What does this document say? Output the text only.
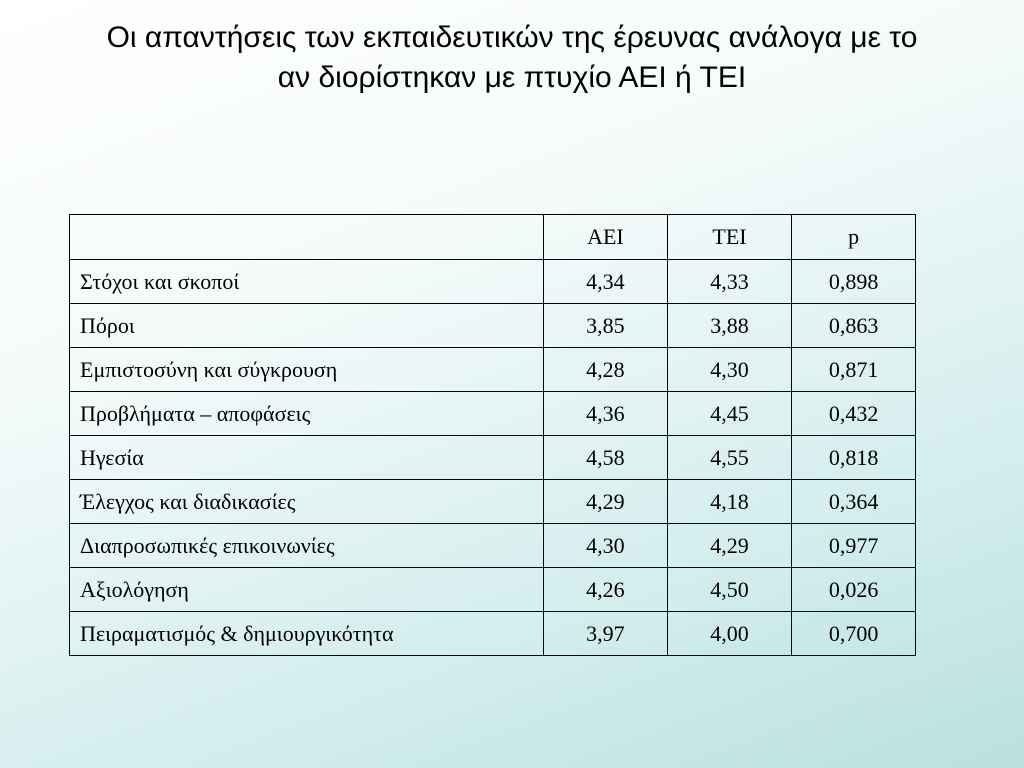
Οι απαντήσεις των εκπαιδευτικών της έρευνας ανάλογα με το
αν διορίστηκαν με πτυχίο ΑΕΙ ή ΤΕΙ
	ΑΕΙ	ΤΕΙ	p
Στόχοι και σκοποί	4,34	4,33	0,898
Πόροι	3,85	3,88	0,863
Εμπιστοσύνη και σύγκρουση	4,28	4,30	0,871
Προβλήματα – αποφάσεις	4,36	4,45	0,432
Ηγεσία	4,58	4,55	0,818
Έλεγχος και διαδικασίες	4,29	4,18	0,364
Διαπροσωπικές επικοινωνίες	4,30	4,29	0,977
Αξιολόγηση	4,26	4,50	0,026
Πειραματισμός & δημιουργικότητα	3,97	4,00	0,700
